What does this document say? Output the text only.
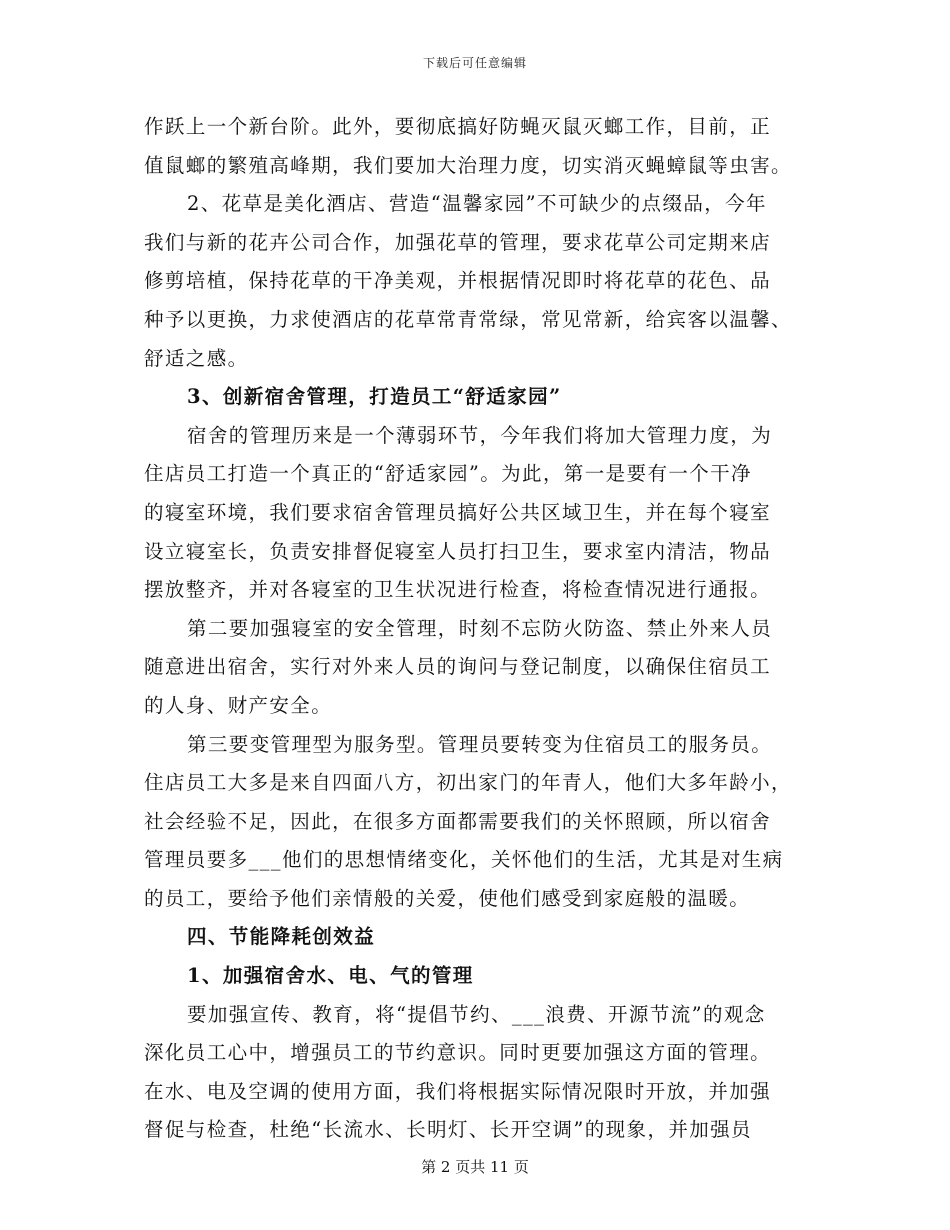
下载后可任意编辑
作跃上一个新台阶。此外，要彻底搞好防蝇灭鼠灭螂工作，目前，正
值鼠螂的繁殖高峰期，我们要加大治理力度，切实消灭蝇蟑鼠等虫害。
2、花草是美化酒店、营造“温馨家园”不可缺少的点缀品，今年
我们与新的花卉公司合作，加强花草的管理，要求花草公司定期来店
修剪培植，保持花草的干净美观，并根据情况即时将花草的花色、品
种予以更换，力求使酒店的花草常青常绿，常见常新，给宾客以温馨、
舒适之感。
3、创新宿舍管理，打造员工“舒适家园”
宿舍的管理历来是一个薄弱环节，今年我们将加大管理力度，为
住店员工打造一个真正的“舒适家园”。为此，第一是要有一个干净
的寝室环境，我们要求宿舍管理员搞好公共区域卫生，并在每个寝室
设立寝室长，负责安排督促寝室人员打扫卫生，要求室内清洁，物品
摆放整齐，并对各寝室的卫生状况进行检查，将检查情况进行通报。
第二要加强寝室的安全管理，时刻不忘防火防盗、禁止外来人员
随意进出宿舍，实行对外来人员的询问与登记制度，以确保住宿员工
的人身、财产安全。
第三要变管理型为服务型。管理员要转变为住宿员工的服务员。
住店员工大多是来自四面八方，初出家门的年青人，他们大多年龄小，
社会经验不足，因此，在很多方面都需要我们的关怀照顾，所以宿舍
管理员要多___他们的思想情绪变化，关怀他们的生活，尤其是对生病
的员工，要给予他们亲情般的关爱，使他们感受到家庭般的温暖。
四、节能降耗创效益
1、加强宿舍水、电、气的管理
要加强宣传、教育，将“提倡节约、___浪费、开源节流”的观念
深化员工心中，增强员工的节约意识。同时更要加强这方面的管理。
在水、电及空调的使用方面，我们将根据实际情况限时开放，并加强
督促与检查，杜绝“长流水、长明灯、长开空调”的现象，并加强员
第 2 页共 11 页
